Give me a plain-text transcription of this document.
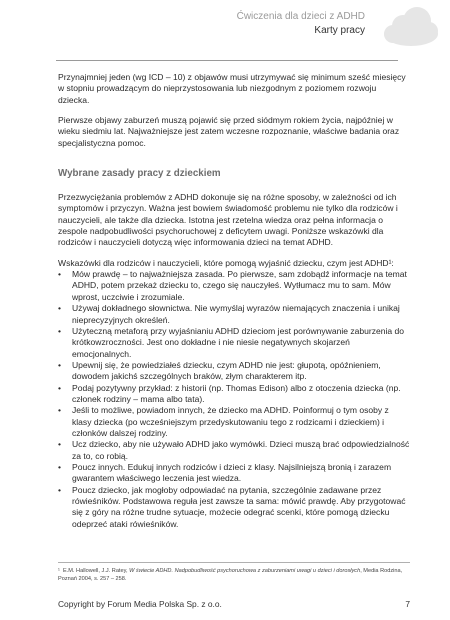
Ćwiczenia dla dzieci z ADHD
Karty pracy

Przynajmniej jeden (wg ICD – 10) z objawów musi utrzymywać się minimum sześć miesięcy w stopniu prowadzącym do nieprzystosowania lub niezgodnym z poziomem rozwoju dziecka.

Pierwsze objawy zaburzeń muszą pojawić się przed siódmym rokiem życia, najpóźniej w wieku siedmiu lat. Najważniejsze jest zatem wczesne rozpoznanie, właściwe badania oraz specjalistyczna pomoc.

Wybrane zasady pracy z dzieckiem

Przezwyciężania problemów z ADHD dokonuje się na różne sposoby, w zależności od ich symptomów i przyczyn. Ważna jest bowiem świadomość problemu nie tylko dla rodziców i nauczycieli, ale także dla dziecka. Istotna jest rzetelna wiedza oraz pełna informacja o zespole nadpobudliwości psychoruchowej z deficytem uwagi. Poniższe wskazówki dla rodziców i nauczycieli dotyczą więc informowania dzieci na temat ADHD.

Wskazówki dla rodziców i nauczycieli, które pomogą wyjaśnić dziecku, czym jest ADHD¹:

• Mów prawdę – to najważniejsza zasada. Po pierwsze, sam zdobądź informacje na temat ADHD, potem przekaż dziecku to, czego się nauczyłeś. Wytłumacz mu to sam. Mów wprost, uczciwie i zrozumiale.
• Używaj dokładnego słownictwa. Nie wymyślaj wyrazów niemających znaczenia i unikaj nieprecyzyjnych określeń.
• Użyteczną metaforą przy wyjaśnianiu ADHD dzieciom jest porównywanie zaburzenia do krótkowzroczności. Jest ono dokładne i nie niesie negatywnych skojarzeń emocjonalnych.
• Upewnij się, że powiedziałeś dziecku, czym ADHD nie jest: głupotą, opóźnieniem, dowodem jakichś szczególnych braków, złym charakterem itp.
• Podaj pozytywny przykład: z historii (np. Thomas Edison) albo z otoczenia dziecka (np. członek rodziny – mama albo tata).
• Jeśli to możliwe, powiadom innych, że dziecko ma ADHD. Poinformuj o tym osoby z klasy dziecka (po wcześniejszym przedyskutowaniu tego z rodzicami i dzieckiem) i członków dalszej rodziny.
• Ucz dziecko, aby nie używało ADHD jako wymówki. Dzieci muszą brać odpowiedzialność za to, co robią.
• Poucz innych. Edukuj innych rodziców i dzieci z klasy. Najsilniejszą bronią i zarazem gwarantem właściwego leczenia jest wiedza.
• Poucz dziecko, jak mogłoby odpowiadać na pytania, szczególnie zadawane przez rówieśników. Podstawowa reguła jest zawsze ta sama: mówić prawdę. Aby przygotować się z góry na różne trudne sytuacje, możecie odegrać scenki, które pomogą dziecku odeprzeć ataki rówieśników.
¹ E.M. Hallowell, J.J. Ratey, W świecie ADHD. Nadpobudliwość psychoruchowa z zaburzeniami uwagi u dzieci i dorosłych, Media Rodzina, Poznań 2004, s. 257 – 258.
Copyright by Forum Media Polska Sp. z o.o.	7
